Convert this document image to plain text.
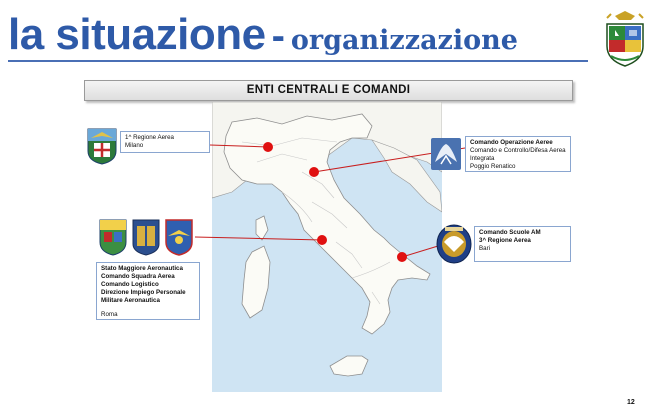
la situazione - organizzazione
ENTI CENTRALI E COMANDI
1^ Regione Aerea
Milano	Comando Operazione Aeree
Comando e Controllo/Difesa Aerea
Integrata
Poggio Renatico
Comando Scuole AM
3^ Regione Aerea
Bari
Stato Maggiore Aeronautica
Comando Squadra Aerea
Comando Logistico
Direzione Impiego Personale
Militare Aeronautica
Roma
12
